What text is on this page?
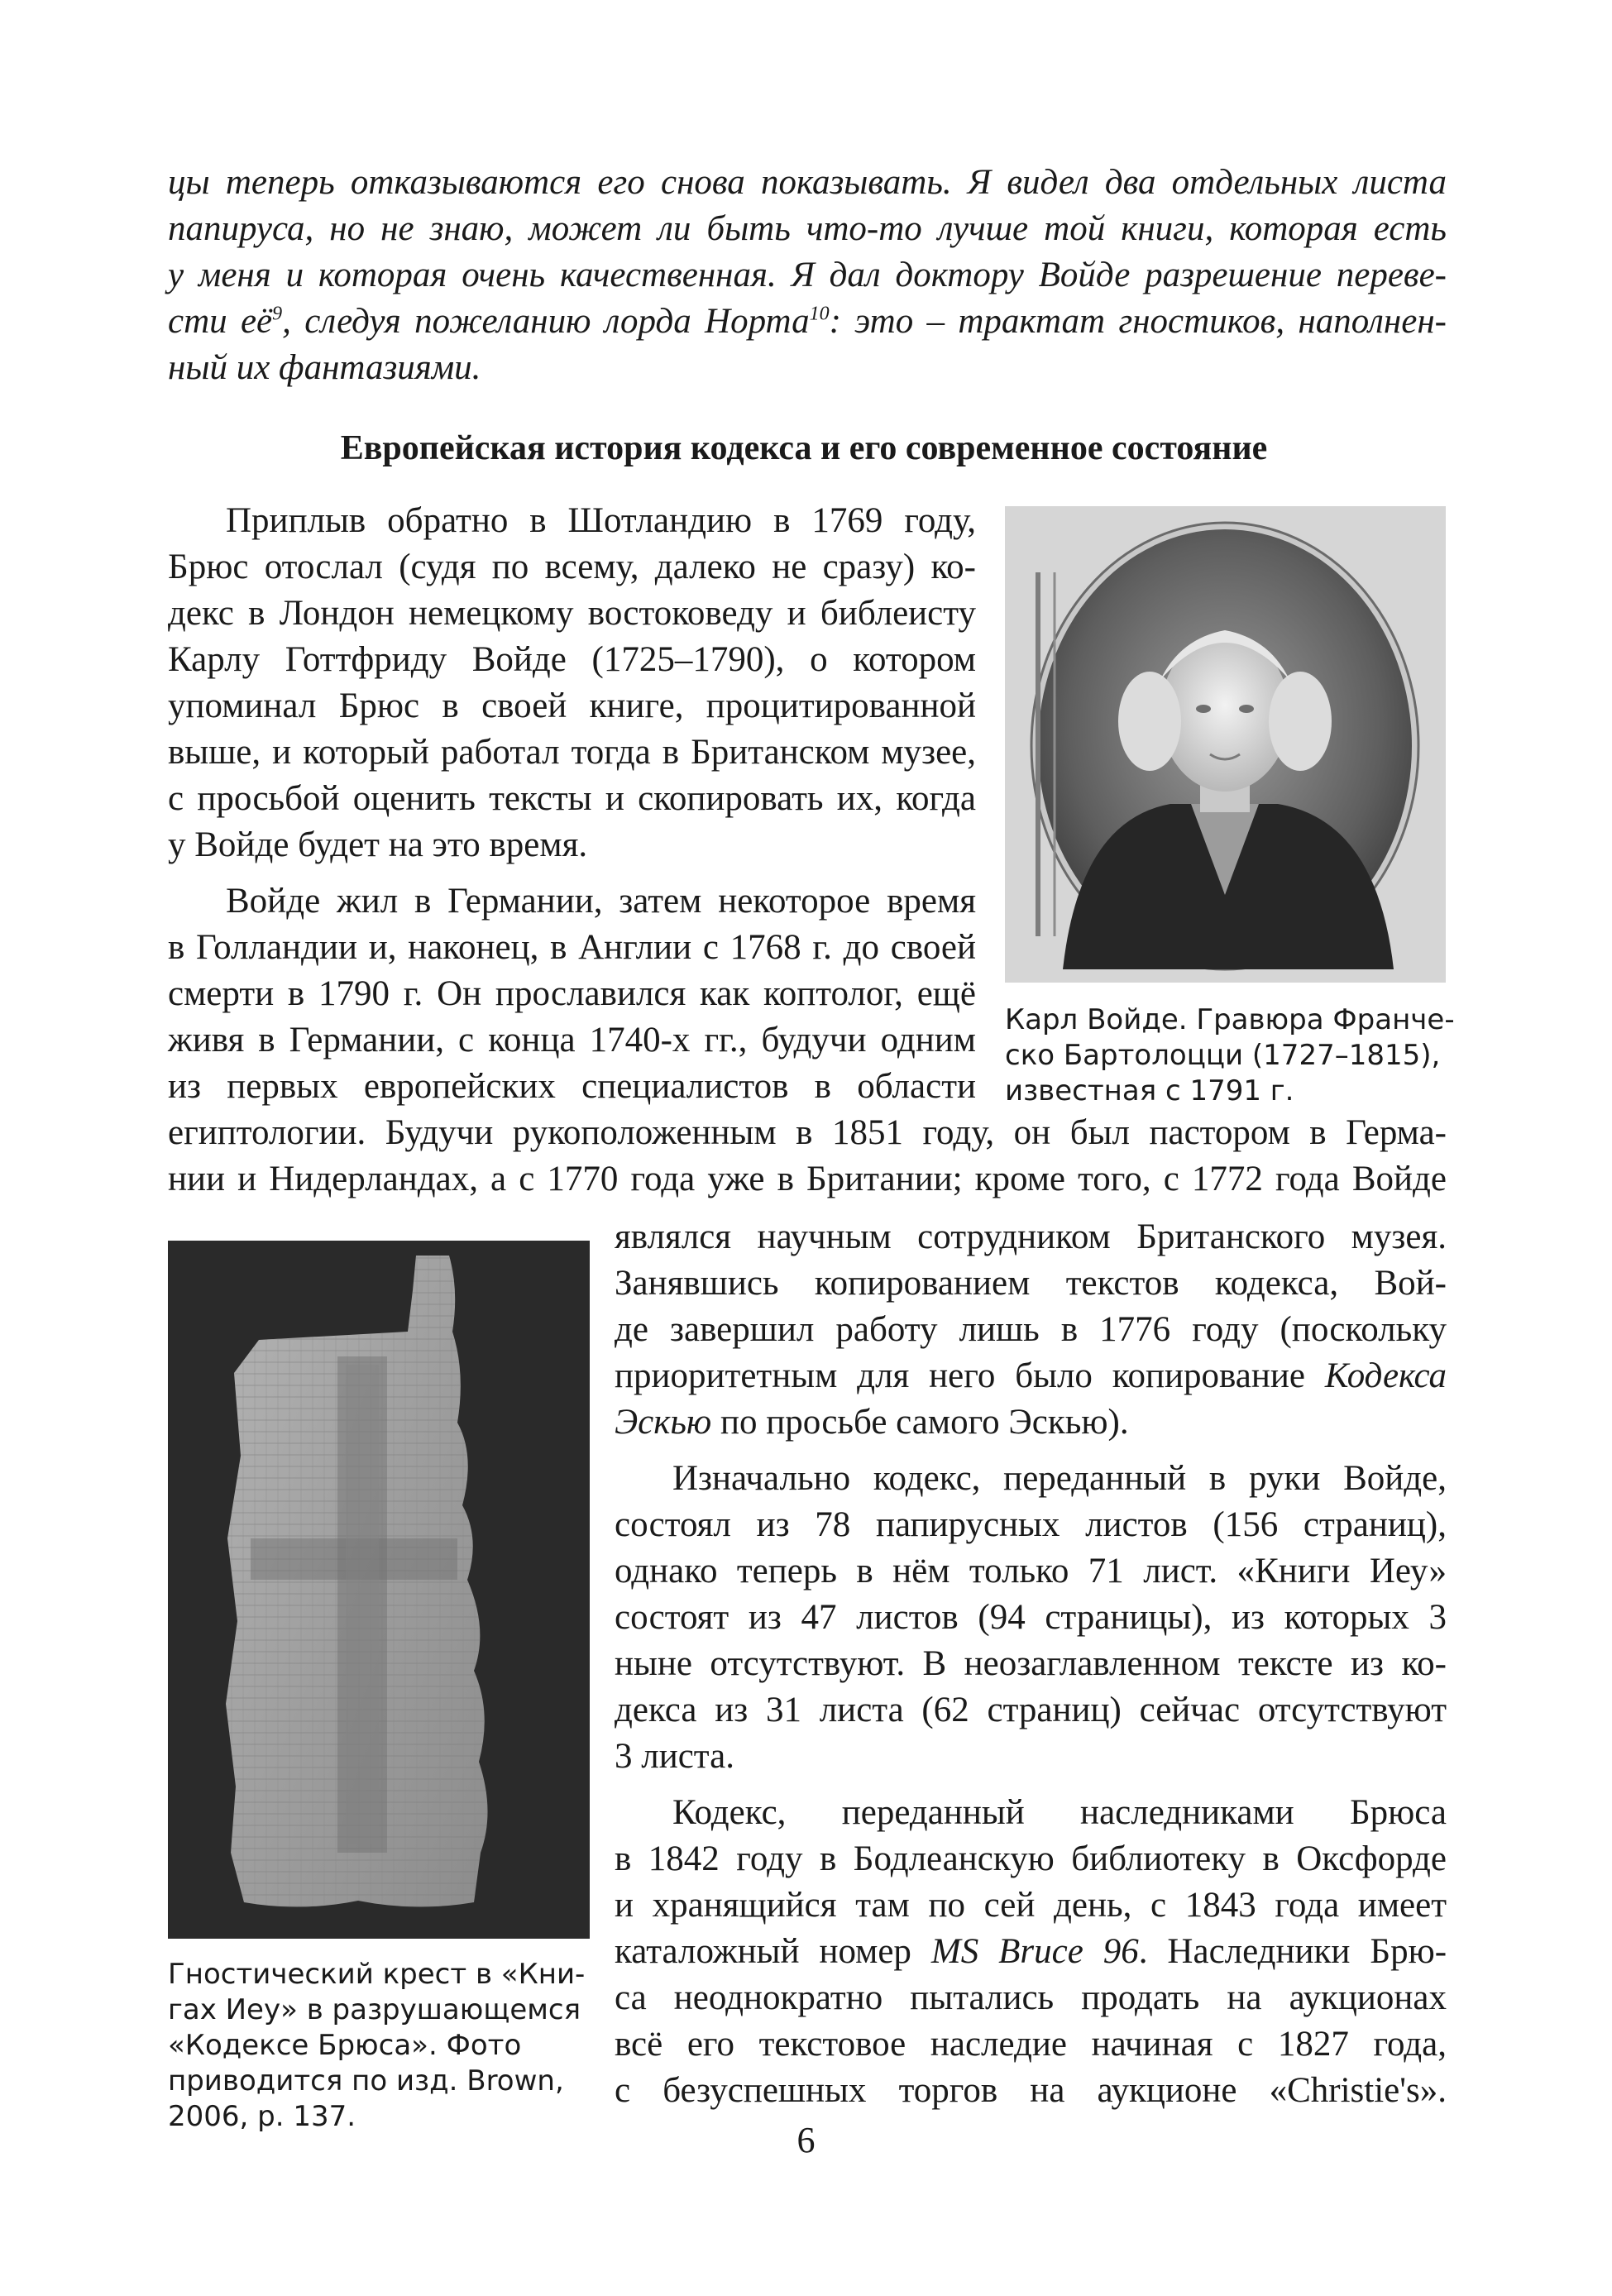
цы теперь отказываются его снова показывать. Я видел два отдельных листа
папируса, но не знаю, может ли быть что-то лучше той книги, которая есть
у меня и которая очень качественная. Я дал доктору Войде разрешение переве-
сти $её^9$, следуя пожеланию лорда Норта$^{10}$: это – трактат гностиков, наполнен-
ный их фантазиями.
Европейская история кодекса и его современное состояние
Карл Войде. Гравюра Франче-
ско Бартолоцци (1727–1815),
известная с 1791 г.
Приплыв обратно в Шотландию в 1769 году,
Брюс отослал (судя по всему, далеко не сразу) ко-
декс в Лондон немецкому востоковеду и библеисту
Карлу Готтфриду Войде (1725–1790), о котором
упоминал Брюс в своей книге, процитированной
выше, и который работал тогда в Британском музее,
с просьбой оценить тексты и скопировать их, когда
у Войде будет на это время.
Войде жил в Германии, затем некоторое время
в Голландии и, наконец, в Англии с 1768 г. до своей
смерти в 1790 г. Он прославился как коптолог, ещё
живя в Германии, с конца 1740-х гг., будучи одним
из первых европейских специалистов в области
египтологии. Будучи рукоположенным в 1851 году, он был пастором в Герма-
нии и Нидерландах, а с 1770 года уже в Британии; кроме того, с 1772 года Войде
являлся научным сотрудником Британского музея.
Занявшись копированием текстов кодекса, Вой-
де завершил работу лишь в 1776 году (поскольку
приоритетным для него было копирование Кодекса
Эскью по просьбе самого Эскью).
Гностический крест в «Кни-
гах Иеу» в разрушающемся
«Кодексе Брюса». Фото
приводится по изд. Brown,
2006, p. 137.
Изначально кодекс, переданный в руки Войде,
состоял из 78 папирусных листов (156 страниц),
однако теперь в нём только 71 лист. «Книги Иеу»
состоят из 47 листов (94 страницы), из которых 3
ныне отсутствуют. В неозаглавленном тексте из ко-
декса из 31 листа (62 страниц) сейчас отсутствуют
3 листа.
Кодекс, переданный наследниками Брюса
в 1842 году в Бодлеанскую библиотеку в Оксфорде
и хранящийся там по сей день, с 1843 года имеет
каталожный номер MS Bruce 96. Наследники Брю-
са неоднократно пытались продать на аукционах
всё его текстовое наследие начиная с 1827 года,
с безуспешных торгов на аукционе «Christie's».
6
